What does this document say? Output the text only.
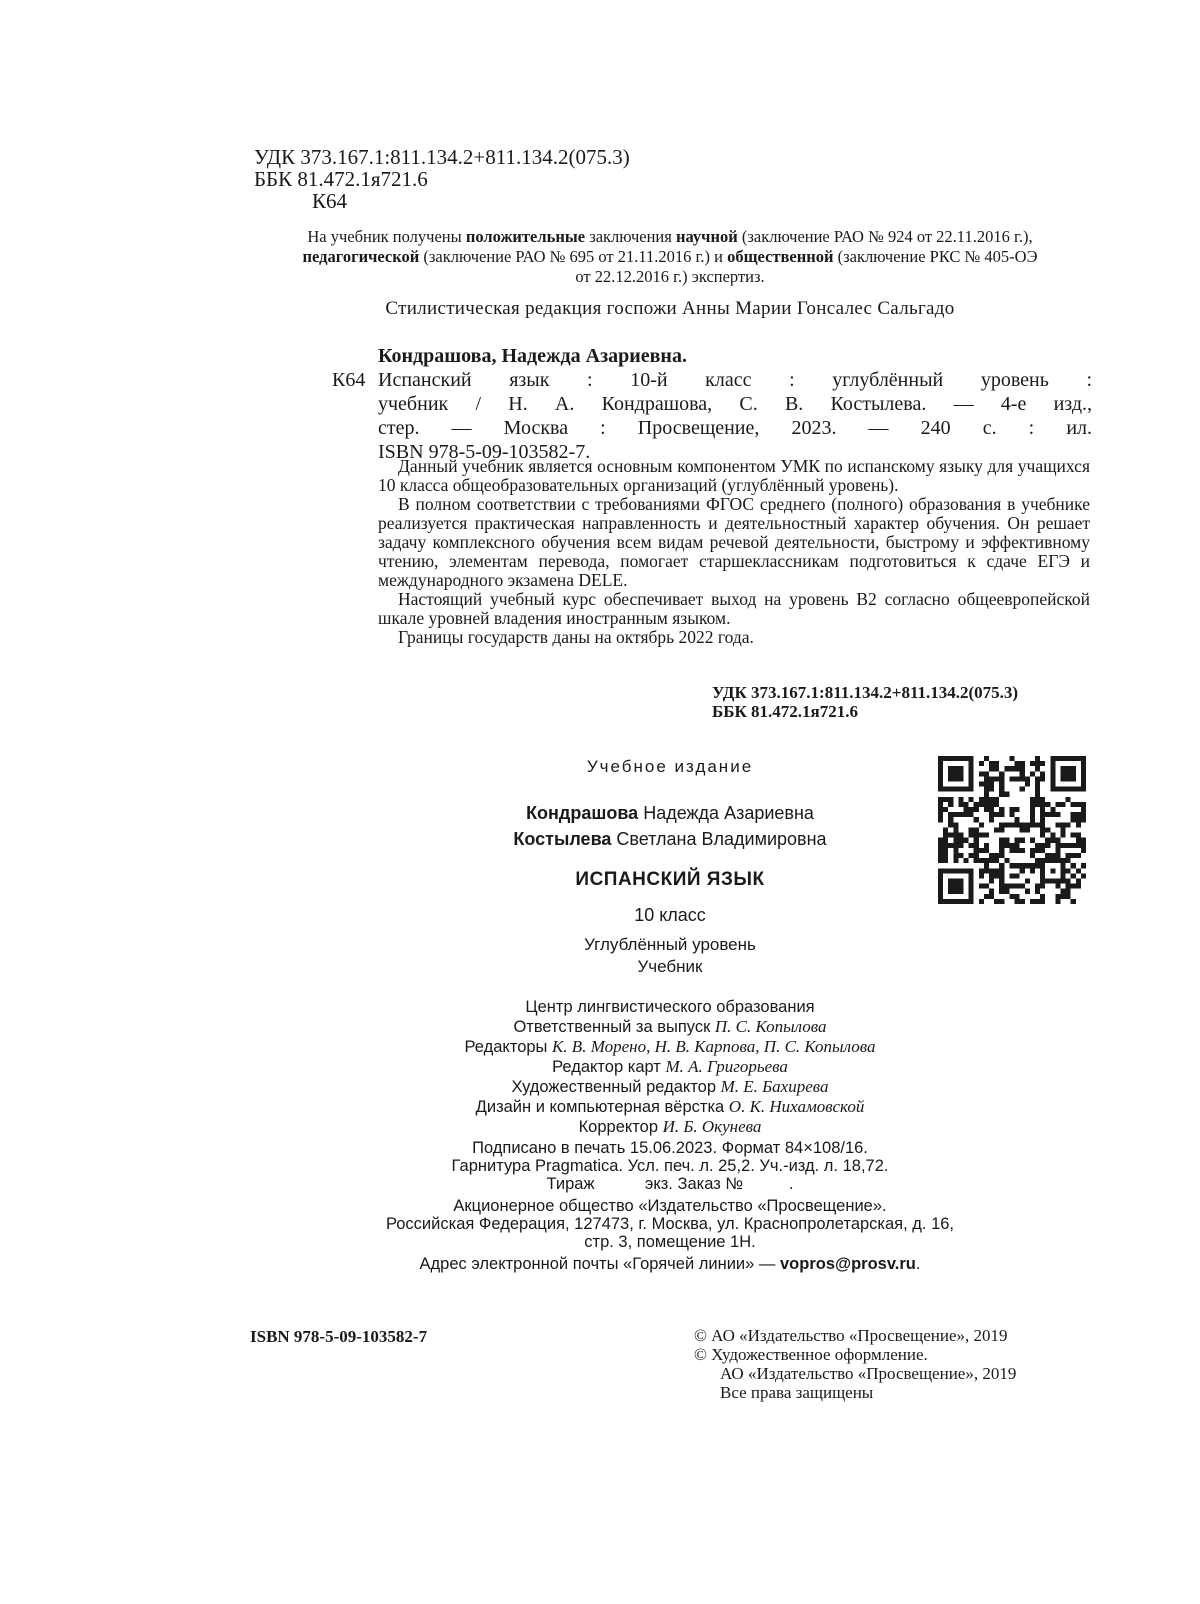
УДК 373.167.1:811.134.2+811.134.2(075.3)
ББК 81.472.1я721.6
К64
На учебник получены положительные заключения научной (заключение РАО № 924 от 22.11.2016 г.), педагогической (заключение РАО № 695 от 21.11.2016 г.) и общественной (заключение РКС № 405-ОЭ от 22.12.2016 г.) экспертиз.
Стилистическая редакция госпожи Анны Марии Гонсалес Сальгадо
Кондрашова, Надежда Азариевна.
К64 Испанский язык : 10-й класс : углублённый уровень :
учебник / Н. А. Кондрашова, С. В. Костылева. — 4-е изд.,
стер. — Москва : Просвещение, 2023. — 240 с. : ил.
ISBN 978-5-09-103582-7.

Данный учебник является основным компонентом УМК по испанскому языку для учащихся 10 класса общеобразовательных организаций (углублённый уровень).

В полном соответствии с требованиями ФГОС среднего (полного) образования в учебнике реализуется практическая направленность и деятельностный характер обучения. Он решает задачу комплексного обучения всем видам речевой деятельности, быстрому и эффективному чтению, элементам перевода, помогает старшеклассникам подготовиться к сдаче ЕГЭ и международного экзамена DELE.

Настоящий учебный курс обеспечивает выход на уровень B2 согласно общеевропейской шкале уровней владения иностранным языком.

Границы государств даны на октябрь 2022 года.

УДК 373.167.1:811.134.2+811.134.2(075.3)
ББК 81.472.1я721.6
Учебное издание
Кондрашова Надежда Азариевна
Костылева Светлана Владимировна
ИСПАНСКИЙ ЯЗЫК
10 класс
Углублённый уровень
Учебник
Центр лингвистического образования
Ответственный за выпуск П. С. Копылова
Редакторы К. В. Морено, Н. В. Карпова, П. С. Копылова
Редактор карт М. А. Григорьева
Художественный редактор М. Е. Бахирева
Дизайн и компьютерная вёрстка О. К. Нихамовской
Корректор И. Б. Окунева
Подписано в печать 15.06.2023. Формат 84×108/16.
Гарнитура Pragmatica. Усл. печ. л. 25,2. Уч.-изд. л. 18,72.
Тираж           экз. Заказ №          .
Акционерное общество «Издательство «Просвещение».
Российская Федерация, 127473, г. Москва, ул. Краснопролетарская, д. 16,
стр. 3, помещение 1Н.
Адрес электронной почты «Горячей линии» — vopros@prosv.ru.
ISBN 978-5-09-103582-7	© АО «Издательство «Просвещение», 2019
© Художественное оформление.
АО «Издательство «Просвещение», 2019
Все права защищены
